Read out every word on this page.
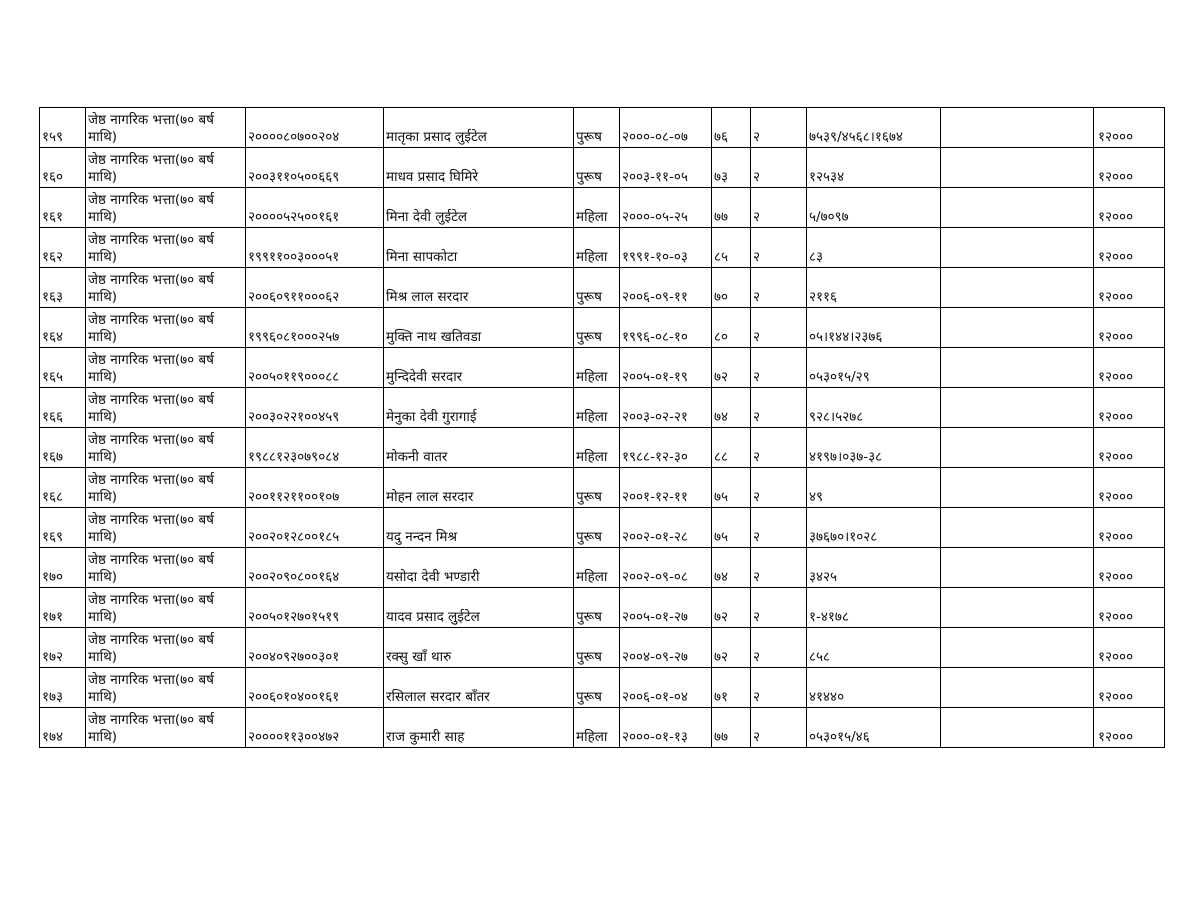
१५९	जेष्ठ नागरिक भत्ता(७० बर्ष माथि)	२००००८०७००२०४	मातृका प्रसाद लुईटेल	पुरूष	२०००-०८-०७	७६	२	७५३९/४५६८।१६७४		१२०००
१६०	जेष्ठ नागरिक भत्ता(७० बर्ष माथि)	२००३११०५००६६९	माधव प्रसाद घिमिरे	पुरूष	२००३-११-०५	७३	२	१२५३४		१२०००
१६१	जेष्ठ नागरिक भत्ता(७० बर्ष माथि)	२००००५२५००१६१	मिना देवी लुईटेल	महिला	२०००-०५-२५	७७	२	५/७०९७		१२०००
१६२	जेष्ठ नागरिक भत्ता(७० बर्ष माथि)	१९९११००३०००५१	मिना सापकोटा	महिला	१९९१-१०-०३	८५	२	८३		१२०००
१६३	जेष्ठ नागरिक भत्ता(७० बर्ष माथि)	२००६०९११०००६२	मिश्र लाल सरदार	पुरूष	२००६-०९-११	७०	२	२११६		१२०००
१६४	जेष्ठ नागरिक भत्ता(७० बर्ष माथि)	१९९६०८१०००२५७	मुक्ति नाथ खतिवडा	पुरूष	१९९६-०८-१०	८०	२	०५।१४४।२३७६		१२०००
१६५	जेष्ठ नागरिक भत्ता(७० बर्ष माथि)	२००५०११९०००८८	मुन्दिदेवी सरदार	महिला	२००५-०१-१९	७२	२	०५३०१५/२९		१२०००
१६६	जेष्ठ नागरिक भत्ता(७० बर्ष माथि)	२००३०२२१००४५९	मेनुका देवी गुरागाई	महिला	२००३-०२-२१	७४	२	९२८।५२७८		१२०००
१६७	जेष्ठ नागरिक भत्ता(७० बर्ष माथि)	१९८८१२३०७९०८४	मोकनी वातर	महिला	१९८८-१२-३०	८८	२	४१९७।०३७-३८		१२०००
१६८	जेष्ठ नागरिक भत्ता(७० बर्ष माथि)	२००११२११००१०७	मोहन लाल सरदार	पुरूष	२००१-१२-११	७५	२	४९		१२०००
१६९	जेष्ठ नागरिक भत्ता(७० बर्ष माथि)	२००२०१२८००१८५	यदु नन्दन मिश्र	पुरूष	२००२-०१-२८	७५	२	३७६७०।१०२८		१२०००
१७०	जेष्ठ नागरिक भत्ता(७० बर्ष माथि)	२००२०९०८००१६४	यसाेदा देवी भण्डारी	महिला	२००२-०९-०८	७४	२	३४२५		१२०००
१७१	जेष्ठ नागरिक भत्ता(७० बर्ष माथि)	२००५०१२७०१५१९	यादव प्रसाद लुुईटेल	पुरूष	२००५-०१-२७	७२	२	१-४१७८		१२०००
१७२	जेष्ठ नागरिक भत्ता(७० बर्ष माथि)	२००४०९२७००३०१	रक्सु खाँ थारु	पुरूष	२००४-०९-२७	७२	२	८५८		१२०००
१७३	जेष्ठ नागरिक भत्ता(७० बर्ष माथि)	२००६०१०४००१६१	रसिलाल सरदार बाँतर	पुरूष	२००६-०१-०४	७१	२	४१४४०		१२०००
१७४	जेष्ठ नागरिक भत्ता(७० बर्ष माथि)	२००००११३००४७२	राज कुमारी साह	महिला	२०००-०१-१३	७७	२	०५३०१५/४६		१२०००
